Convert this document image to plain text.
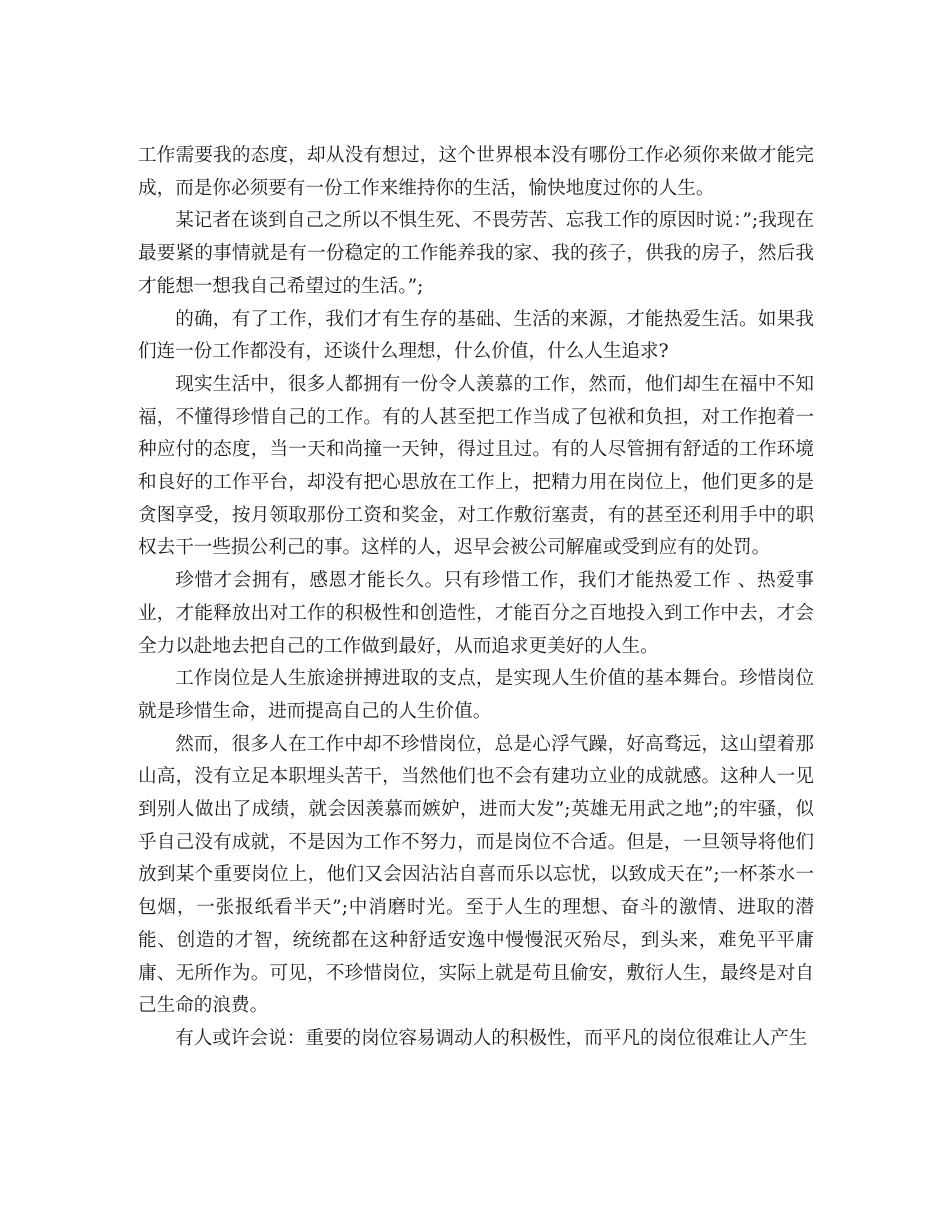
工作需要我的态度，却从没有想过，这个世界根本没有哪份工作必须你来做才能完成，而是你必须要有一份工作来维持你的生活，愉快地度过你的人生。

某记者在谈到自己之所以不惧生死、不畏劳苦、忘我工作的原因时说：”;我现在最要紧的事情就是有一份稳定的工作能养我的家、我的孩子，供我的房子，然后我才能想一想我自己希望过的生活。”;

的确，有了工作，我们才有生存的基础、生活的来源，才能热爱生活。如果我们连一份工作都没有，还谈什么理想，什么价值，什么人生追求?

现实生活中，很多人都拥有一份令人羡慕的工作，然而，他们却生在福中不知福，不懂得珍惜自己的工作。有的人甚至把工作当成了包袱和负担，对工作抱着一种应付的态度，当一天和尚撞一天钟，得过且过。有的人尽管拥有舒适的工作环境和良好的工作平台，却没有把心思放在工作上，把精力用在岗位上，他们更多的是贪图享受，按月领取那份工资和奖金，对工作敷衍塞责，有的甚至还利用手中的职权去干一些损公利己的事。这样的人，迟早会被公司解雇或受到应有的处罚。

珍惜才会拥有，感恩才能长久。只有珍惜工作，我们才能热爱工作 、热爱事业，才能释放出对工作的积极性和创造性，才能百分之百地投入到工作中去，才会全力以赴地去把自己的工作做到最好，从而追求更美好的人生。

工作岗位是人生旅途拼搏进取的支点，是实现人生价值的基本舞台。珍惜岗位就是珍惜生命，进而提高自己的人生价值。

然而，很多人在工作中却不珍惜岗位，总是心浮气躁，好高骛远，这山望着那山高，没有立足本职埋头苦干，当然他们也不会有建功立业的成就感。这种人一见到别人做出了成绩，就会因羡慕而嫉妒，进而大发”;英雄无用武之地”;的牢骚，似乎自己没有成就，不是因为工作不努力，而是岗位不合适。但是，一旦领导将他们放到某个重要岗位上，他们又会因沾沾自喜而乐以忘忧，以致成天在”;一杯茶水一包烟，一张报纸看半天”;中消磨时光。至于人生的理想、奋斗的激情、进取的潜能、创造的才智，统统都在这种舒适安逸中慢慢泯灭殆尽，到头来，难免平平庸庸、无所作为。可见，不珍惜岗位，实际上就是苟且偷安，敷衍人生，最终是对自己生命的浪费。

有人或许会说：重要的岗位容易调动人的积极性，而平凡的岗位很难让人产生
